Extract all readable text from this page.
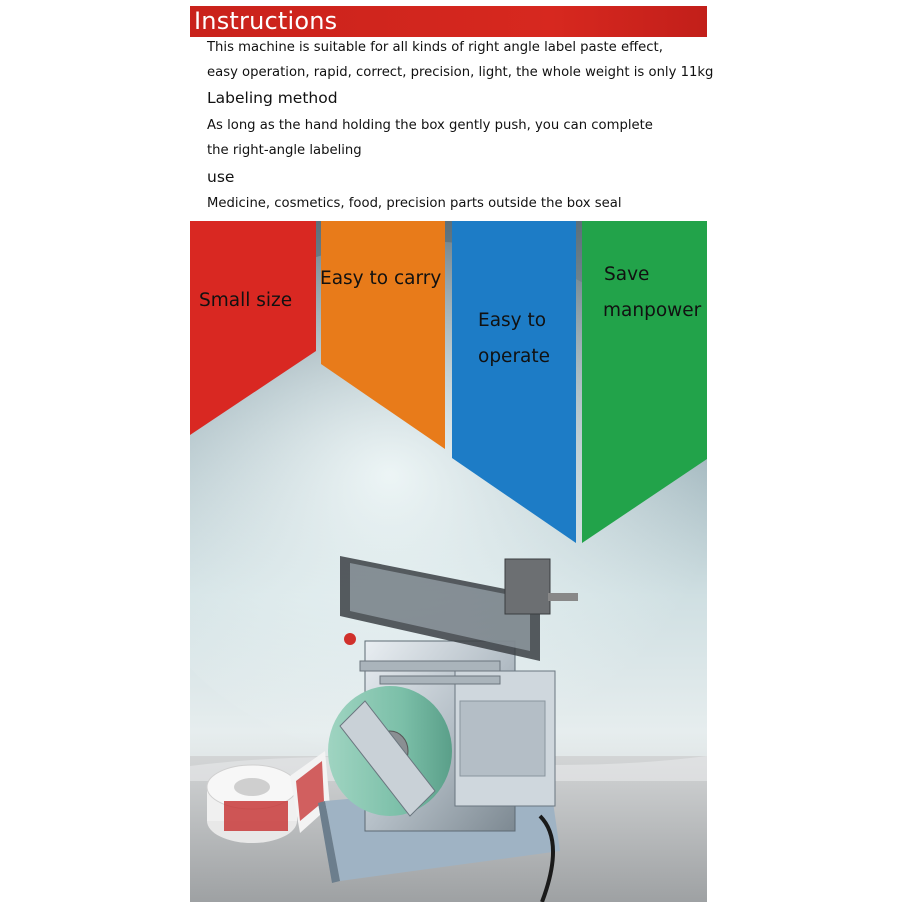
Instructions
This machine is suitable for all kinds of right angle label paste effect,
easy operation, rapid, correct, precision, light, the whole weight is only 11kg
Labeling method
As long as the hand holding the box gently push, you can complete
the right-angle labeling
use
Medicine, cosmetics, food, precision parts outside the box seal
Small size
Easy to carry
Easy to
operate
Save
manpower
